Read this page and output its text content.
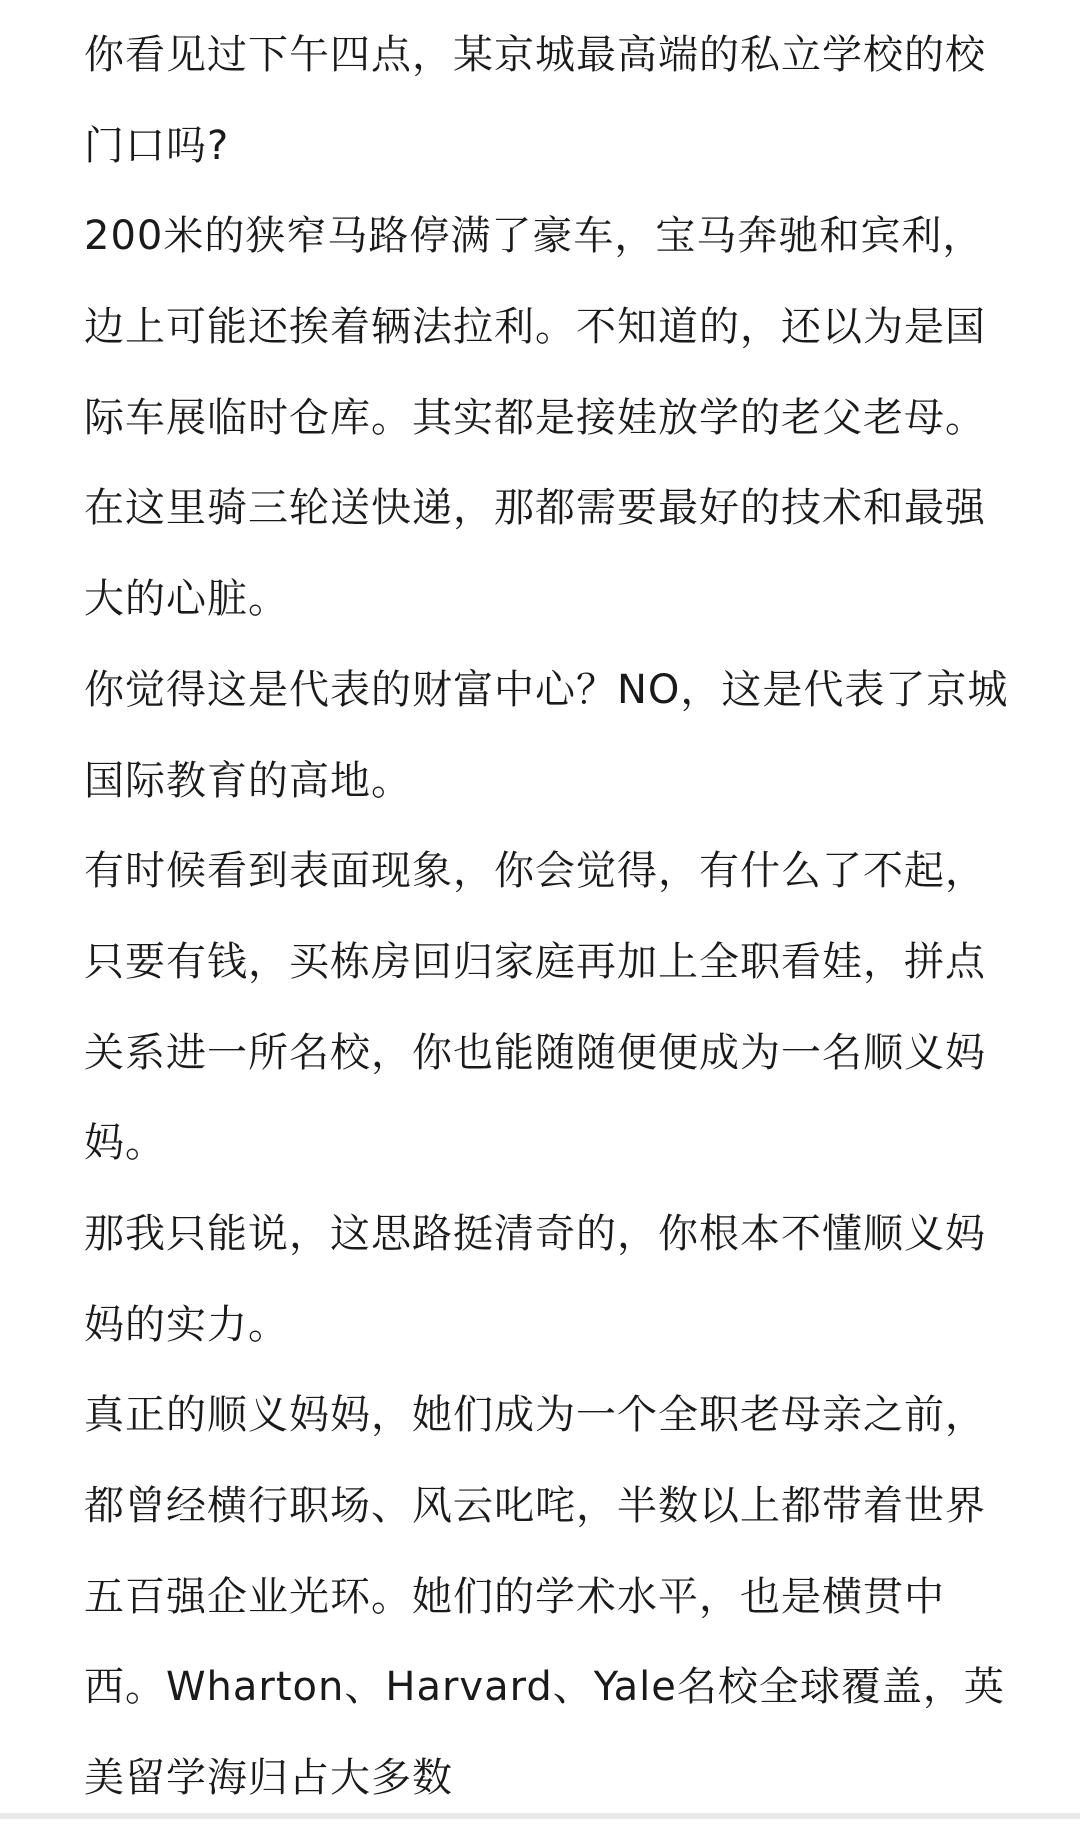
你看见过下午四点，某京城最高端的私立学校的校
门口吗?
200米的狭窄马路停满了豪车，宝马奔驰和宾利，
边上可能还挨着辆法拉利。不知道的，还以为是国
际车展临时仓库。其实都是接娃放学的老父老母。
在这里骑三轮送快递，那都需要最好的技术和最强
大的心脏。
你觉得这是代表的财富中心？NO，这是代表了京城
国际教育的高地。
有时候看到表面现象，你会觉得，有什么了不起，
只要有钱，买栋房回归家庭再加上全职看娃，拼点
关系进一所名校，你也能随随便便成为一名顺义妈
妈。
那我只能说，这思路挺清奇的，你根本不懂顺义妈
妈的实力。
真正的顺义妈妈，她们成为一个全职老母亲之前，
都曾经横行职场、风云叱咤，半数以上都带着世界
五百强企业光环。她们的学术水平，也是横贯中
西。Wharton、Harvard、Yale名校全球覆盖，英
美留学海归占大多数
